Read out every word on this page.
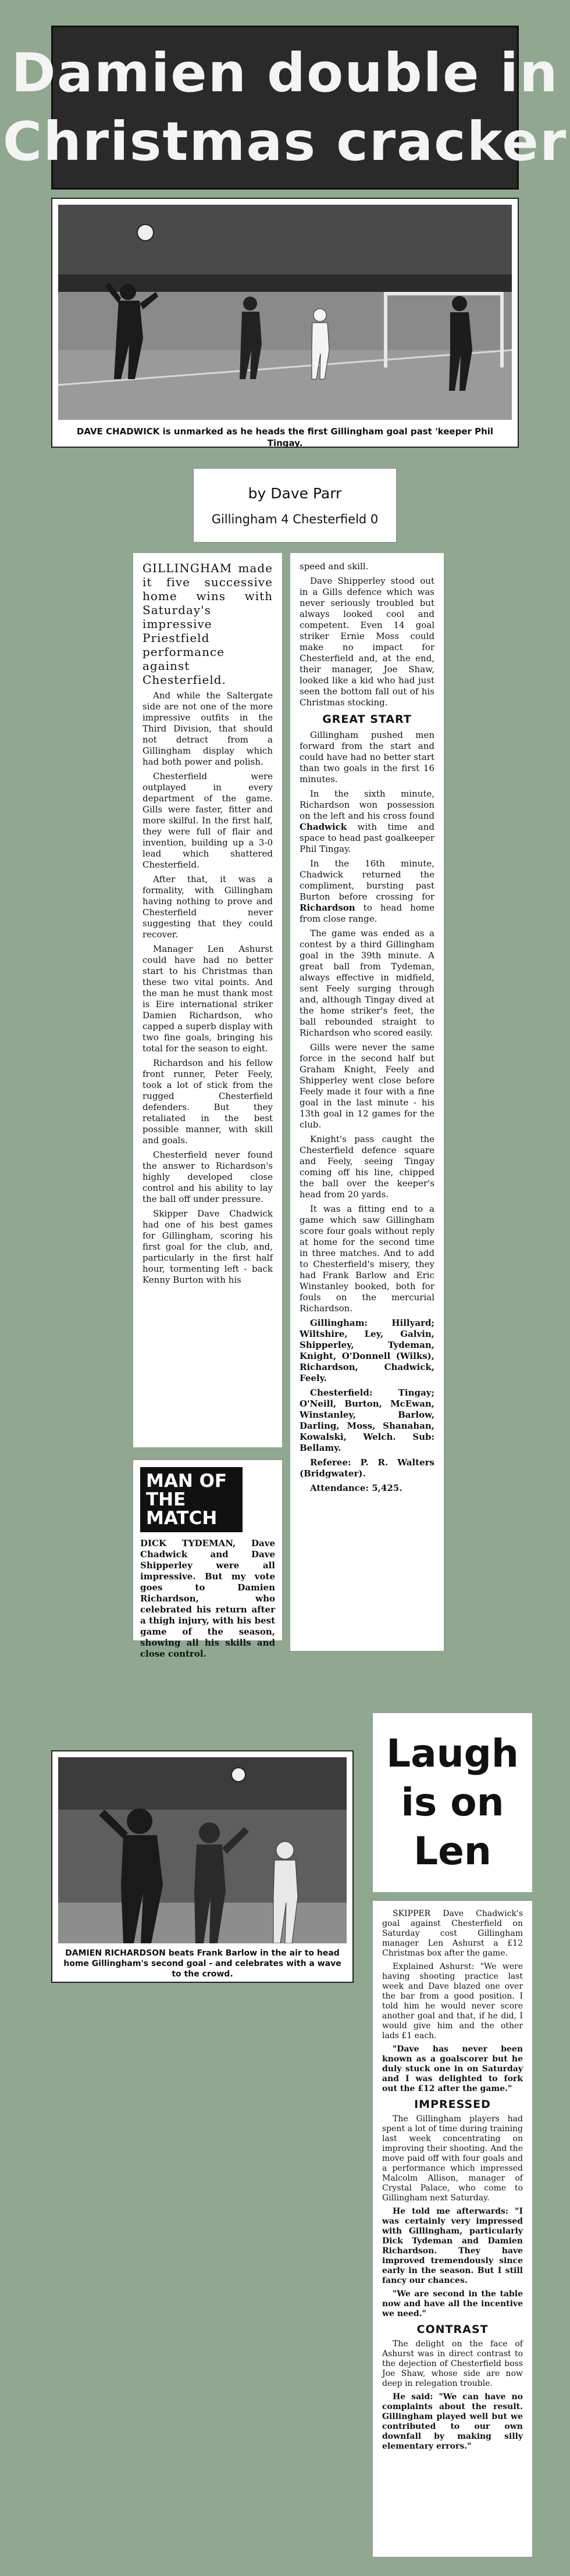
Damien double in
Christmas cracker
DAVE CHADWICK is unmarked as he heads the first Gillingham goal past 'keeper Phil Tingay.
by Dave Parr
Gillingham 4 Chesterfield 0

GILLINGHAM made it five successive home wins with Saturday's impressive Priestfield performance against Chesterfield.

And while the Saltergate side are not one of the more impressive outfits in the Third Division, that should not detract from a Gillingham display which had both power and polish.

Chesterfield were outplayed in every department of the game. Gills were faster, fitter and more skilful. In the first half, they were full of flair and invention, building up a 3-0 lead which shattered Chesterfield.

After that, it was a formality, with Gillingham having nothing to prove and Chesterfield never suggesting that they could recover.

Manager Len Ashurst could have had no better start to his Christmas than these two vital points. And the man he must thank most is Eire international striker Damien Richardson, who capped a superb display with two fine goals, bringing his total for the season to eight.

Richardson and his fellow front runner, Peter Feely, took a lot of stick from the rugged Chesterfield defenders. But they retaliated in the best possible manner, with skill and goals.

Chesterfield never found the answer to Richardson's highly developed close control and his ability to lay the ball off under pressure.

Skipper Dave Chadwick had one of his best games for Gillingham, scoring his first goal for the club, and, particularly in the first half hour, tormenting left - back Kenny Burton with his

MAN OF THE MATCH
DICK TYDEMAN, Dave Chadwick and Dave Shipperley were all impressive. But my vote goes to Damien Richardson, who celebrated his return after a thigh injury, with his best game of the season, showing all his skills and close control.

speed and skill.

Dave Shipperley stood out in a Gills defence which was never seriously troubled but always looked cool and competent. Even 14 goal striker Ernie Moss could make no impact for Chesterfield and, at the end, their manager, Joe Shaw, looked like a kid who had just seen the bottom fall out of his Christmas stocking.

GREAT START

Gillingham pushed men forward from the start and could have had no better start than two goals in the first 16 minutes.

In the sixth minute, Richardson won possession on the left and his cross found Chadwick with time and space to head past goalkeeper Phil Tingay.

In the 16th minute, Chadwick returned the compliment, bursting past Burton before crossing for Richardson to head home from close range.

The game was ended as a contest by a third Gillingham goal in the 39th minute. A great ball from Tydeman, always effective in midfield, sent Feely surging through and, although Tingay dived at the home striker's feet, the ball rebounded straight to Richardson who scored easily.

Gills were never the same force in the second half but Graham Knight, Feely and Shipperley went close before Feely made it four with a fine goal in the last minute - his 13th goal in 12 games for the club.

Knight's pass caught the Chesterfield defence square and Feely, seeing Tingay coming off his line, chipped the ball over the keeper's head from 20 yards.

It was a fitting end to a game which saw Gillingham score four goals without reply at home for the second time in three matches. And to add to Chesterfield's misery, they had Frank Barlow and Eric Winstanley booked, both for fouls on the mercurial Richardson.

Gillingham: Hillyard; Wiltshire, Ley, Galvin, Shipperley, Tydeman, Knight, O'Donnell (Wilks), Richardson, Chadwick, Feely.

Chesterfield: Tingay; O'Neill, Burton, McEwan, Winstanley, Barlow, Darling, Moss, Shanahan, Kowalski, Welch. Sub: Bellamy.

Referee: P. R. Walters (Bridgwater).

Attendance: 5,425.

DAMIEN RICHARDSON beats Frank Barlow in the air to head home Gillingham's second goal - and celebrates with a wave to the crowd.
Laugh
is on
Len

SKIPPER Dave Chadwick's goal against Chesterfield on Saturday cost Gillingham manager Len Ashurst a £12 Christmas box after the game.

Explained Ashurst: "We were having shooting practice last week and Dave blazed one over the bar from a good position. I told him he would never score another goal and that, if he did, I would give him and the other lads £1 each.

"Dave has never been known as a goalscorer but he duly stuck one in on Saturday and I was delighted to fork out the £12 after the game."

IMPRESSED

The Gillingham players had spent a lot of time during training last week concentrating on improving their shooting. And the move paid off with four goals and a performance which impressed Malcolm Allison, manager of Crystal Palace, who come to Gillingham next Saturday.

He told me afterwards: "I was certainly very impressed with Gillingham, particularly Dick Tydeman and Damien Richardson. They have improved tremendously since early in the season. But I still fancy our chances.

"We are second in the table now and have all the incentive we need."

CONTRAST

The delight on the face of Ashurst was in direct contrast to the dejection of Chesterfield boss Joe Shaw, whose side are now deep in relegation trouble.

He said: "We can have no complaints about the result. Gillingham played well but we contributed to our own downfall by making silly elementary errors."
